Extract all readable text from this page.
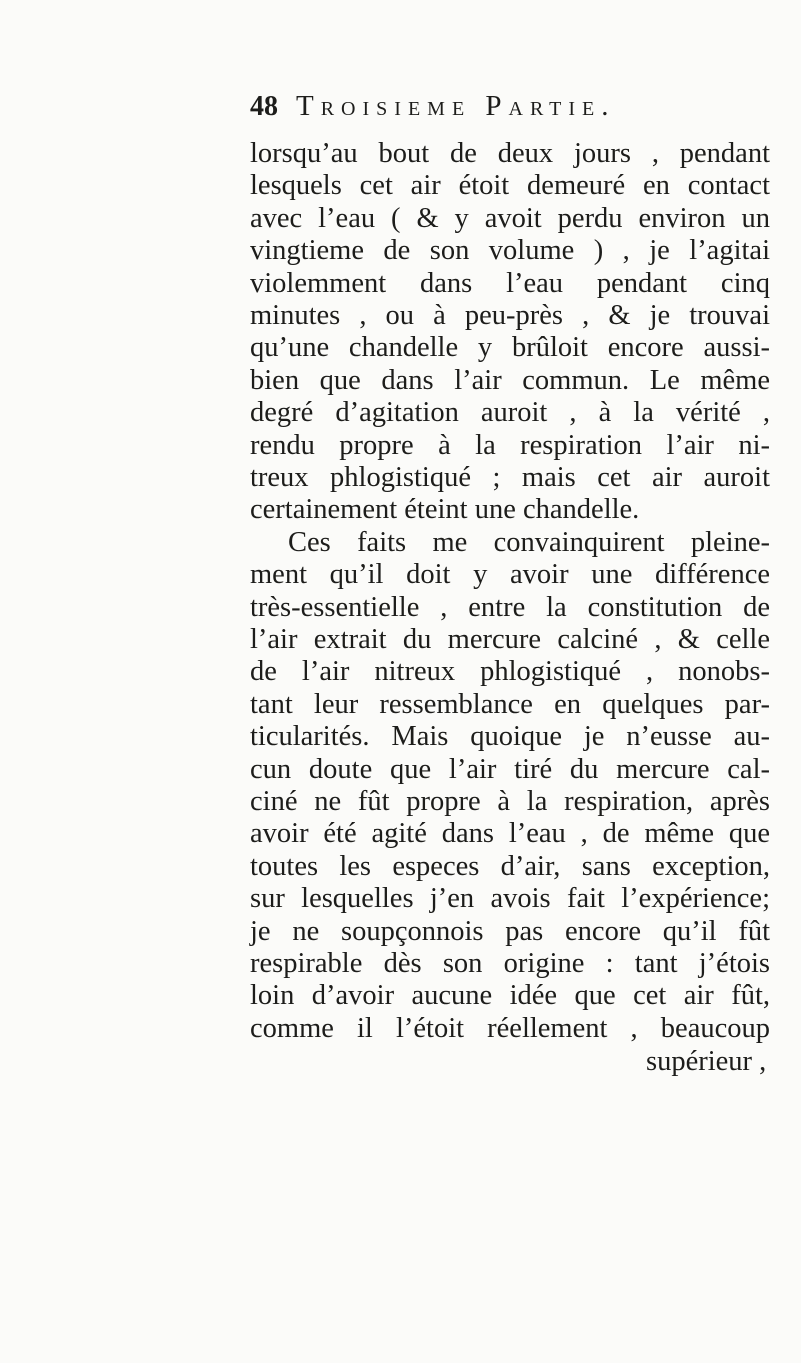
48 Troisieme Partie.
lorsqu’au bout de deux jours , pendant
lesquels cet air étoit demeuré en contact
avec l’eau ( & y avoit perdu environ un
vingtieme de son volume ) , je l’agitai
violemment dans l’eau pendant cinq
minutes , ou à peu-près , & je trouvai
qu’une chandelle y brûloit encore aussi-
bien que dans l’air commun. Le même
degré d’agitation auroit , à la vérité ,
rendu propre à la respiration l’air ni-
treux phlogistiqué ; mais cet air auroit
certainement éteint une chandelle.
Ces faits me convainquirent pleine-
ment qu’il doit y avoir une différence
très-essentielle , entre la constitution de
l’air extrait du mercure calciné , & celle
de l’air nitreux phlogistiqué , nonobs-
tant leur ressemblance en quelques par-
ticularités. Mais quoique je n’eusse au-
cun doute que l’air tiré du mercure cal-
ciné ne fût propre à la respiration, après
avoir été agité dans l’eau , de même que
toutes les especes d’air, sans exception,
sur lesquelles j’en avois fait l’expérience;
je ne soupçonnois pas encore qu’il fût
respirable dès son origine : tant j’étois
loin d’avoir aucune idée que cet air fût,
comme il l’étoit réellement , beaucoup
supérieur ,
